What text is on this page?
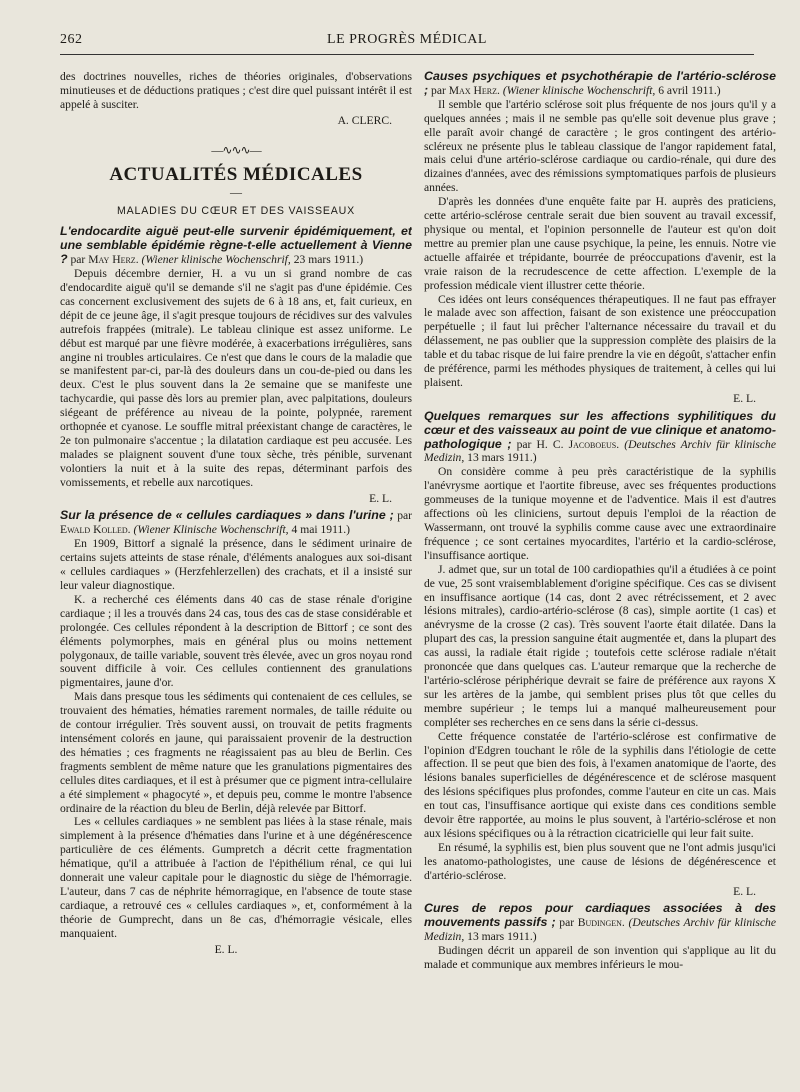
262	LE PROGRÈS MÉDICAL

des doctrines nouvelles, riches de théories originales, d'observations minutieuses et de déductions pratiques ; c'est dire quel puissant intérêt il est appelé à susciter.

A. CLERC.
—∿∿∿—
ACTUALITÉS MÉDICALES
—
MALADIES DU CŒUR ET DES VAISSEAUX
L'endocardite aiguë peut-elle survenir épidémiquement, et une semblable épidémie règne-t-elle actuellement à Vienne ? par May Herz. (Wiener klinische Wochenschrif, 23 mars 1911.)

Depuis décembre dernier, H. a vu un si grand nombre de cas d'endocardite aiguë qu'il se demande s'il ne s'agit pas d'une épidémie. Ces cas concernent exclusivement des sujets de 6 à 18 ans, et, fait curieux, en dépit de ce jeune âge, il s'agit presque toujours de récidives sur des valvules autrefois frappées (mitrale). Le tableau clinique est assez uniforme. Le début est marqué par une fièvre modérée, à exacerbations irrégulières, sans angine ni troubles articulaires. Ce n'est que dans le cours de la maladie que se manifestent par-ci, par-là des douleurs dans un cou-de-pied ou dans les deux. C'est le plus souvent dans la 2e semaine que se manifeste une tachycardie, qui passe dès lors au premier plan, avec palpitations, douleurs siégeant de préférence au niveau de la pointe, polypnée, rarement orthopnée et cyanose. Le souffle mitral préexistant change de caractères, le 2e ton pulmonaire s'accentue ; la dilatation cardiaque est peu accusée. Les malades se plaignent souvent d'une toux sèche, très pénible, survenant volontiers la nuit et à la suite des repas, déterminant parfois des vomissements, et rebelle aux narcotiques.

E. L.
Sur la présence de « cellules cardiaques » dans l'urine ; par Ewald Kolled. (Wiener Klinische Wochenschrift, 4 mai 1911.)

En 1909, Bittorf a signalé la présence, dans le sédiment urinaire de certains sujets atteints de stase rénale, d'éléments analogues aux soi-disant « cellules cardiaques » (Herzfehlerzellen) des crachats, et il a insisté sur leur valeur diagnostique.

K. a recherché ces éléments dans 40 cas de stase rénale d'origine cardiaque ; il les a trouvés dans 24 cas, tous des cas de stase considérable et prolongée. Ces cellules répondent à la description de Bittorf ; ce sont des éléments polymorphes, mais en général plus ou moins nettement polygonaux, de taille variable, souvent très élevée, avec un gros noyau rond souvent difficile à voir. Ces cellules contiennent des granulations pigmentaires, jaune d'or.

Mais dans presque tous les sédiments qui contenaient de ces cellules, se trouvaient des hématies, hématies rarement normales, de taille réduite ou de contour irrégulier. Très souvent aussi, on trouvait de petits fragments intensément colorés en jaune, qui paraissaient provenir de la destruction des hématies ; ces fragments ne réagissaient pas au bleu de Berlin. Ces fragments semblent de même nature que les granulations pigmentaires des cellules dites cardiaques, et il est à présumer que ce pigment intra-cellulaire a été simplement « phagocyté », et depuis peu, comme le montre l'absence ordinaire de la réaction du bleu de Berlin, déjà relevée par Bittorf.

Les « cellules cardiaques » ne semblent pas liées à la stase rénale, mais simplement à la présence d'hématies dans l'urine et à une dégénérescence particulière de ces éléments. Gumpretch a décrit cette fragmentation hématique, qu'il a attribuée à l'action de l'épithélium rénal, ce qui lui donnerait une valeur capitale pour le diagnostic du siège de l'hémorragie. L'auteur, dans 7 cas de néphrite hémorragique, en l'absence de toute stase cardiaque, a retrouvé ces « cellules cardiaques », et, conformément à la théorie de Gumprecht, dans un 8e cas, d'hémorragie vésicale, elles manquaient.

E. L.
Causes psychiques et psychothérapie de l'artério-sclérose ; par Max Herz. (Wiener klinische Wochenschrift, 6 avril 1911.)

Il semble que l'artério sclérose soit plus fréquente de nos jours qu'il y a quelques années ; mais il ne semble pas qu'elle soit devenue plus grave ; elle paraît avoir changé de caractère ; le gros contingent des artério-scléreux ne présente plus le tableau classique de l'angor rapidement fatal, mais celui d'une artério-sclérose cardiaque ou cardio-rénale, qui dure des dizaines d'années, avec des rémissions symptomatiques parfois de plusieurs années.

D'après les données d'une enquête faite par H. auprès des praticiens, cette artério-sclérose centrale serait due bien souvent au travail excessif, physique ou mental, et l'opinion personnelle de l'auteur est qu'on doit mettre au premier plan une cause psychique, la peine, les ennuis. Notre vie actuelle affairée et trépidante, bourrée de préoccupations d'avenir, est la vraie raison de la recrudescence de cette affection. L'exemple de la profession médicale vient illustrer cette théorie.

Ces idées ont leurs conséquences thérapeutiques. Il ne faut pas effrayer le malade avec son affection, faisant de son existence une préoccupation perpétuelle ; il faut lui prêcher l'alternance nécessaire du travail et du délassement, ne pas oublier que la suppression complète des plaisirs de la table et du tabac risque de lui faire prendre la vie en dégoût, s'attacher enfin de préférence, parmi les méthodes physiques de traitement, à celles qui lui plaisent.

E. L.
Quelques remarques sur les affections syphilitiques du cœur et des vaisseaux au point de vue clinique et anatomo-pathologique ; par H. C. Jacoboeus. (Deutsches Archiv für klinische Medizin, 13 mars 1911.)

On considère comme à peu près caractéristique de la syphilis l'anévrysme aortique et l'aortite fibreuse, avec ses fréquentes productions gommeuses de la tunique moyenne et de l'adventice. Mais il est d'autres affections où les cliniciens, surtout depuis l'emploi de la réaction de Wassermann, ont trouvé la syphilis comme cause avec une extraordinaire fréquence ; ce sont certaines myocardites, l'artério et la cardio-sclérose, l'insuffisance aortique.

J. admet que, sur un total de 100 cardiopathies qu'il a étudiées à ce point de vue, 25 sont vraisemblablement d'origine spécifique. Ces cas se divisent en insuffisance aortique (14 cas, dont 2 avec rétrécissement, et 2 avec lésions mitrales), cardio-artério-sclérose (8 cas), simple aortite (1 cas) et anévrysme de la crosse (2 cas). Très souvent l'aorte était dilatée. Dans la plupart des cas, la pression sanguine était augmentée et, dans la plupart des cas aussi, la radiale était rigide ; toutefois cette sclérose radiale n'était prononcée que dans quelques cas. L'auteur remarque que la recherche de l'artério-sclérose périphérique devrait se faire de préférence aux rayons X sur les artères de la jambe, qui semblent prises plus tôt que celles du membre supérieur ; le temps lui a manqué malheureusement pour compléter ses recherches en ce sens dans la série ci-dessus.

Cette fréquence constatée de l'artério-sclérose est confirmative de l'opinion d'Edgren touchant le rôle de la syphilis dans l'étiologie de cette affection. Il se peut que bien des fois, à l'examen anatomique de l'aorte, des lésions banales superficielles de dégénérescence et de sclérose masquent des lésions spécifiques plus profondes, comme l'auteur en cite un cas. Mais en tout cas, l'insuffisance aortique qui existe dans ces conditions semble devoir être rapportée, au moins le plus souvent, à l'artério-sclérose et non aux lésions spécifiques ou à la rétraction cicatricielle qui leur fait suite.

En résumé, la syphilis est, bien plus souvent que ne l'ont admis jusqu'ici les anatomo-pathologistes, une cause de lésions de dégénérescence et d'artério-sclérose.

E. L.
Cures de repos pour cardiaques associées à des mouvements passifs ; par Budingen. (Deutsches Archiv für klinische Medizin, 13 mars 1911.)

Budingen décrit un appareil de son invention qui s'applique au lit du malade et communique aux membres inférieurs le mou-
